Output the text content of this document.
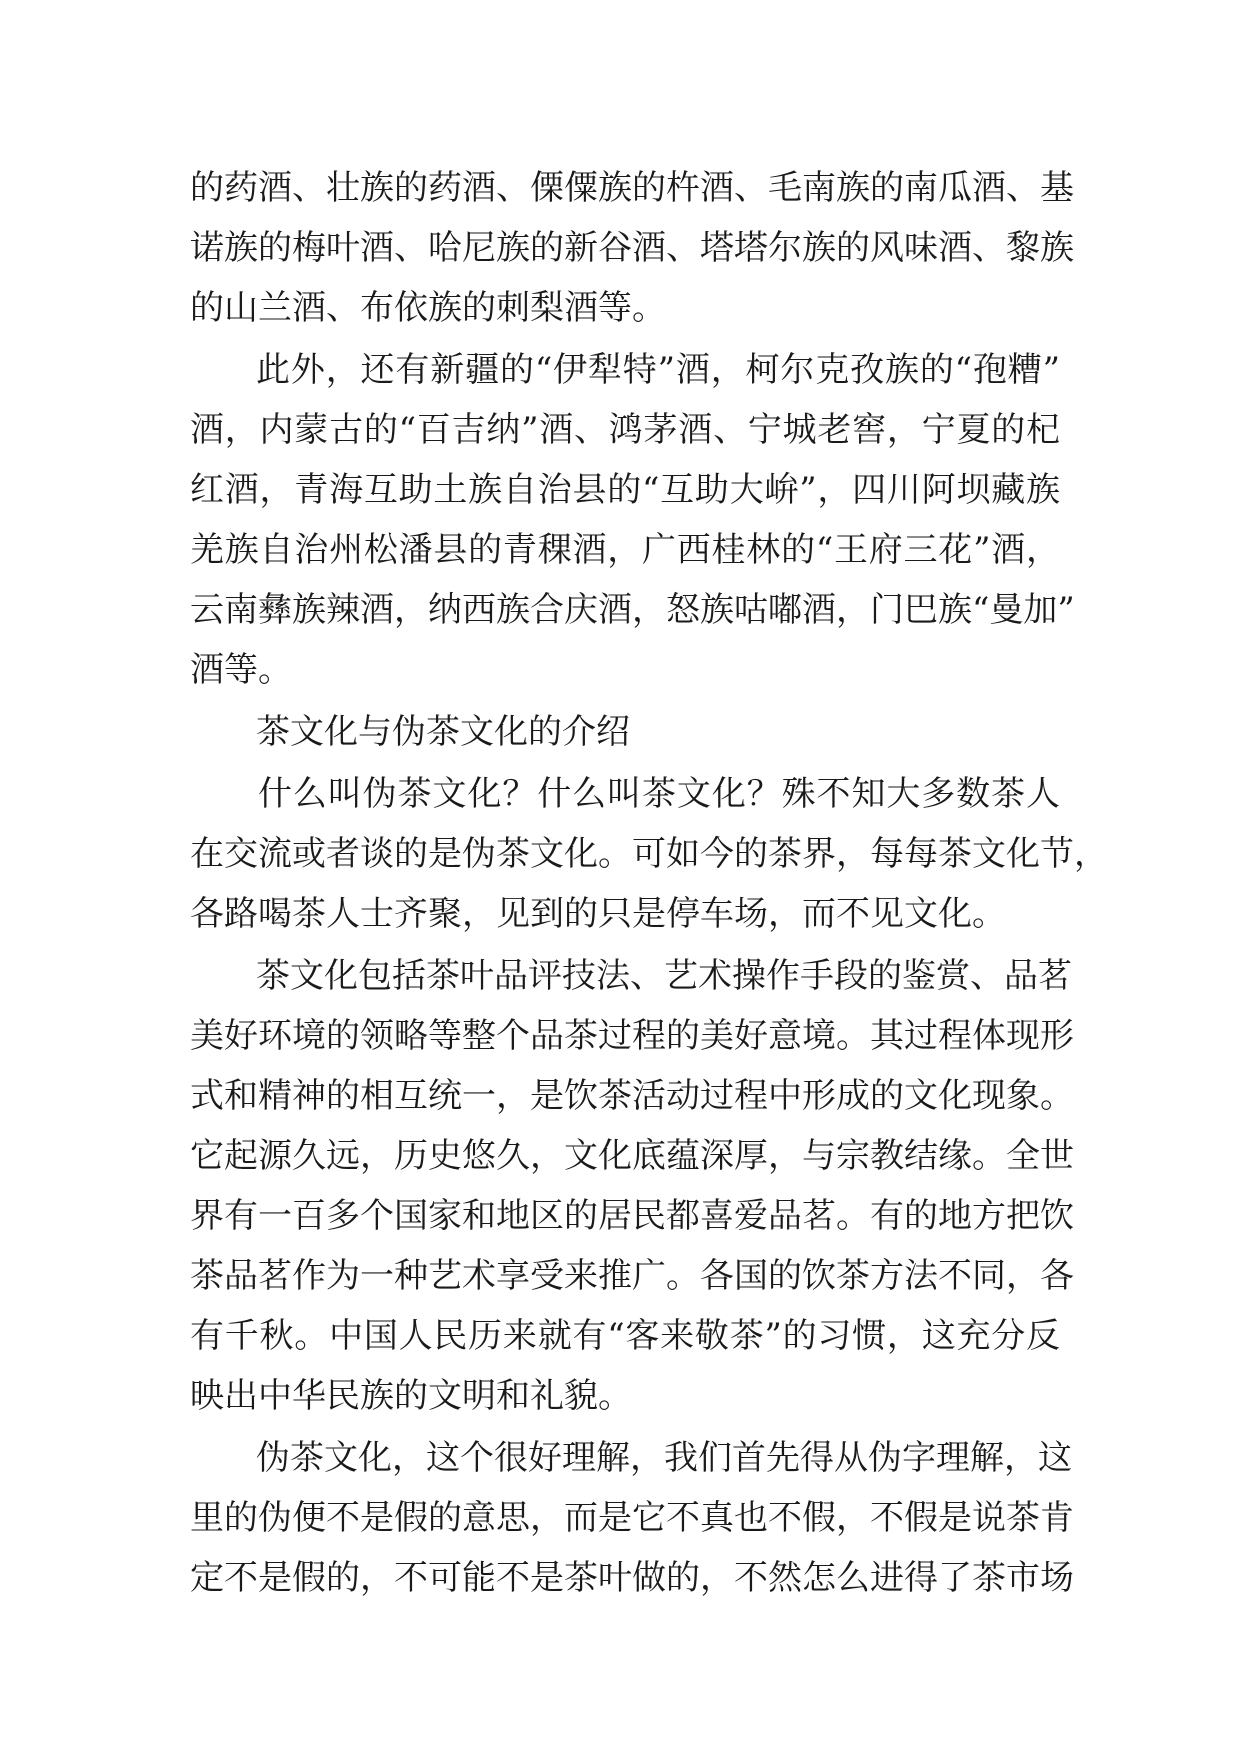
的药酒、壮族的药酒、傈僳族的杵酒、毛南族的南瓜酒、基
诺族的梅叶酒、哈尼族的新谷酒、塔塔尔族的风味酒、黎族
的山兰酒、布依族的刺梨酒等。
此外，还有新疆的“伊犁特”酒，柯尔克孜族的“孢糟”
酒，内蒙古的“百吉纳”酒、鸿茅酒、宁城老窖，宁夏的杞
红酒，青海互助土族自治县的“互助大峅”，四川阿坝藏族
羌族自治州松潘县的青稞酒，广西桂林的“王府三花”酒，
云南彝族辣酒，纳西族合庆酒，怒族咕嘟酒，门巴族“曼加”
酒等。
茶文化与伪茶文化的介绍
什么叫伪茶文化？什么叫茶文化？殊不知大多数茶人
在交流或者谈的是伪茶文化。可如今的茶界，每每茶文化节，
各路喝茶人士齐聚，见到的只是停车场，而不见文化。
茶文化包括茶叶品评技法、艺术操作手段的鉴赏、品茗
美好环境的领略等整个品茶过程的美好意境。其过程体现形
式和精神的相互统一，是饮茶活动过程中形成的文化现象。
它起源久远，历史悠久，文化底蕴深厚，与宗教结缘。全世
界有一百多个国家和地区的居民都喜爱品茗。有的地方把饮
茶品茗作为一种艺术享受来推广。各国的饮茶方法不同，各
有千秋。中国人民历来就有“客来敬茶”的习惯，这充分反
映出中华民族的文明和礼貌。
伪茶文化，这个很好理解，我们首先得从伪字理解，这
里的伪便不是假的意思，而是它不真也不假，不假是说茶肯
定不是假的，不可能不是茶叶做的，不然怎么进得了茶市场
